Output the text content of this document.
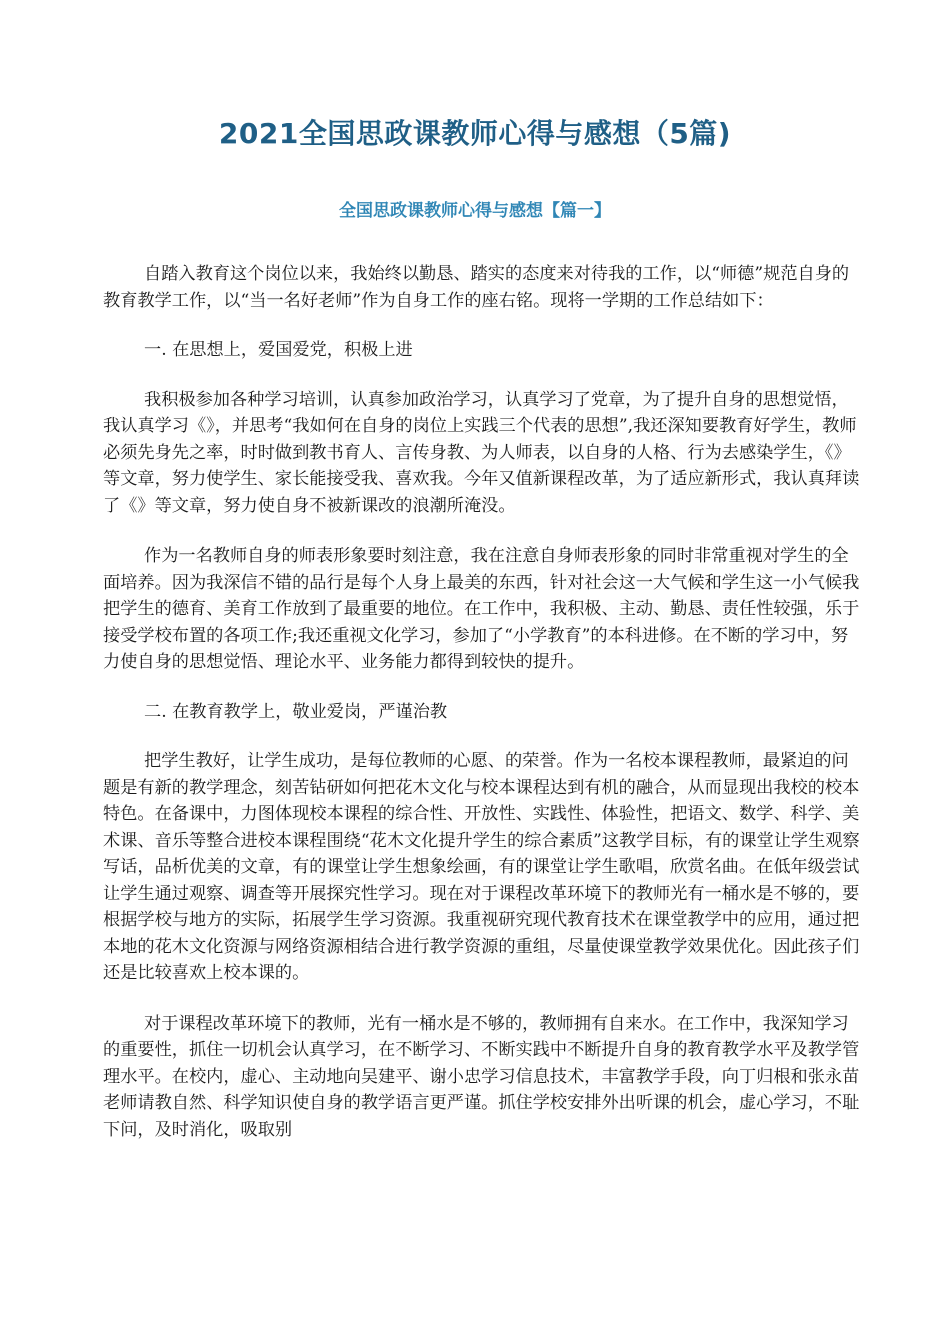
2021全国思政课教师心得与感想（5篇)
全国思政课教师心得与感想【篇一】

自踏入教育这个岗位以来，我始终以勤恳、踏实的态度来对待我的工作，以“师德”规范自身的教育教学工作，以“当一名好老师”作为自身工作的座右铭。现将一学期的工作总结如下：

一. 在思想上，爱国爱党，积极上进

我积极参加各种学习培训，认真参加政治学习，认真学习了党章，为了提升自身的思想觉悟，我认真学习《》，并思考“我如何在自身的岗位上实践三个代表的思想”,我还深知要教育好学生，教师必须先身先之率，时时做到教书育人、言传身教、为人师表，以自身的人格、行为去感染学生，《》等文章，努力使学生、家长能接受我、喜欢我。今年又值新课程改革，为了适应新形式，我认真拜读了《》等文章，努力使自身不被新课改的浪潮所淹没。

作为一名教师自身的师表形象要时刻注意，我在注意自身师表形象的同时非常重视对学生的全面培养。因为我深信不错的品行是每个人身上最美的东西，针对社会这一大气候和学生这一小气候我把学生的德育、美育工作放到了最重要的地位。在工作中，我积极、主动、勤恳、责任性较强，乐于接受学校布置的各项工作;我还重视文化学习，参加了“小学教育”的本科进修。在不断的学习中，努力使自身的思想觉悟、理论水平、业务能力都得到较快的提升。

二. 在教育教学上，敬业爱岗，严谨治教

把学生教好，让学生成功，是每位教师的心愿、的荣誉。作为一名校本课程教师，最紧迫的问题是有新的教学理念，刻苦钻研如何把花木文化与校本课程达到有机的融合，从而显现出我校的校本特色。在备课中，力图体现校本课程的综合性、开放性、实践性、体验性，把语文、数学、科学、美术课、音乐等整合进校本课程围绕“花木文化提升学生的综合素质”这教学目标，有的课堂让学生观察写话，品析优美的文章，有的课堂让学生想象绘画，有的课堂让学生歌唱，欣赏名曲。在低年级尝试让学生通过观察、调查等开展探究性学习。现在对于课程改革环境下的教师光有一桶水是不够的，要根据学校与地方的实际，拓展学生学习资源。我重视研究现代教育技术在课堂教学中的应用，通过把本地的花木文化资源与网络资源相结合进行教学资源的重组，尽量使课堂教学效果优化。因此孩子们还是比较喜欢上校本课的。

对于课程改革环境下的教师，光有一桶水是不够的，教师拥有自来水。在工作中，我深知学习的重要性，抓住一切机会认真学习，在不断学习、不断实践中不断提升自身的教育教学水平及教学管理水平。在校内，虚心、主动地向吴建平、谢小忠学习信息技术，丰富教学手段，向丁归根和张永苗老师请教自然、科学知识使自身的教学语言更严谨。抓住学校安排外出听课的机会，虚心学习，不耻下问，及时消化，吸取别
